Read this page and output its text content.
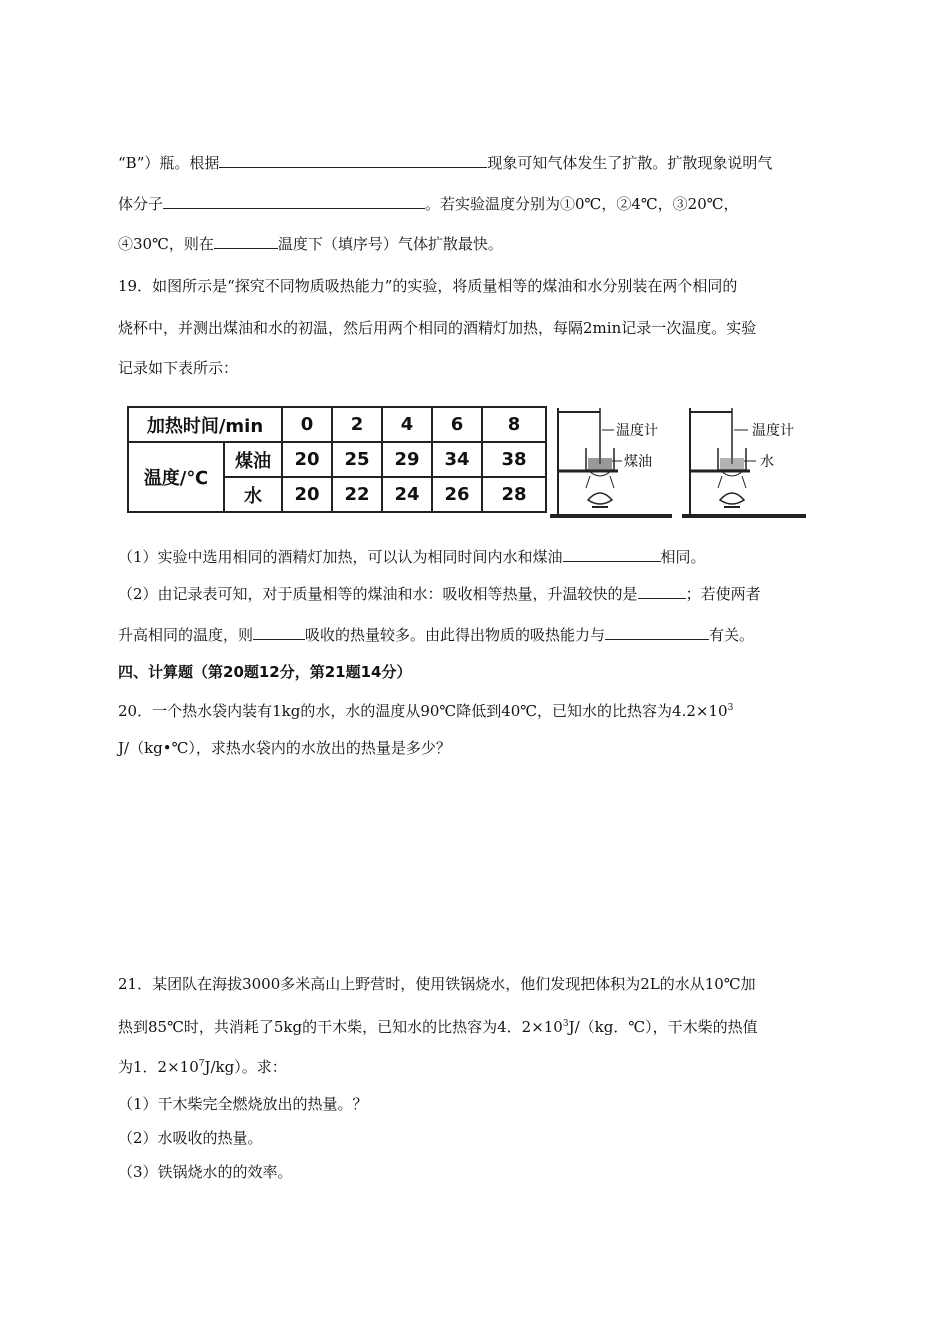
“B”）瓶。根据	现象可知气体发生了扩散。扩散现象说明气
体分子	。若实验温度分别为①0℃，②4℃，③20℃，
④30℃，则在	温度下（填序号）气体扩散最快。
19．如图所示是“探究不同物质吸热能力”的实验，将质量相等的煤油和水分别装在两个相同的
烧杯中，并测出煤油和水的初温，然后用两个相同的酒精灯加热，每隔2min记录一次温度。实验
记录如下表所示：
加热时间/min		0	2	4	6	8
温度/℃	煤油	20	25	29	34	38
	水	20	22	24	26	28
温度计
煤油
温度计
水
（1）实验中选用相同的酒精灯加热，可以认为相同时间内水和煤油	相同。
（2）由记录表可知，对于质量相等的煤油和水：吸收相等热量，升温较快的是	；若使两者
升高相同的温度，则	吸收的热量较多。由此得出物质的吸热能力与	有关。
四、计算题（第20题12分，第21题14分）
20．一个热水袋内装有1kg的水，水的温度从90℃降低到40℃，已知水的比热容为$4.2\times 10^3$
J/（kg•℃），求热水袋内的水放出的热量是多少？
21．某团队在海拔3000多米高山上野营时，使用铁锅烧水，他们发现把体积为2L的水从10℃加
热到85℃时，共消耗了5kg的干木柴，已知水的比热容为4．$2\times 10^3J/(kg$．℃），干木柴的热值
为1．$2\times 10^7J/kg$）。求：
（1）干木柴完全燃烧放出的热量。？
（2）水吸收的热量。
（3）铁锅烧水的的效率。
